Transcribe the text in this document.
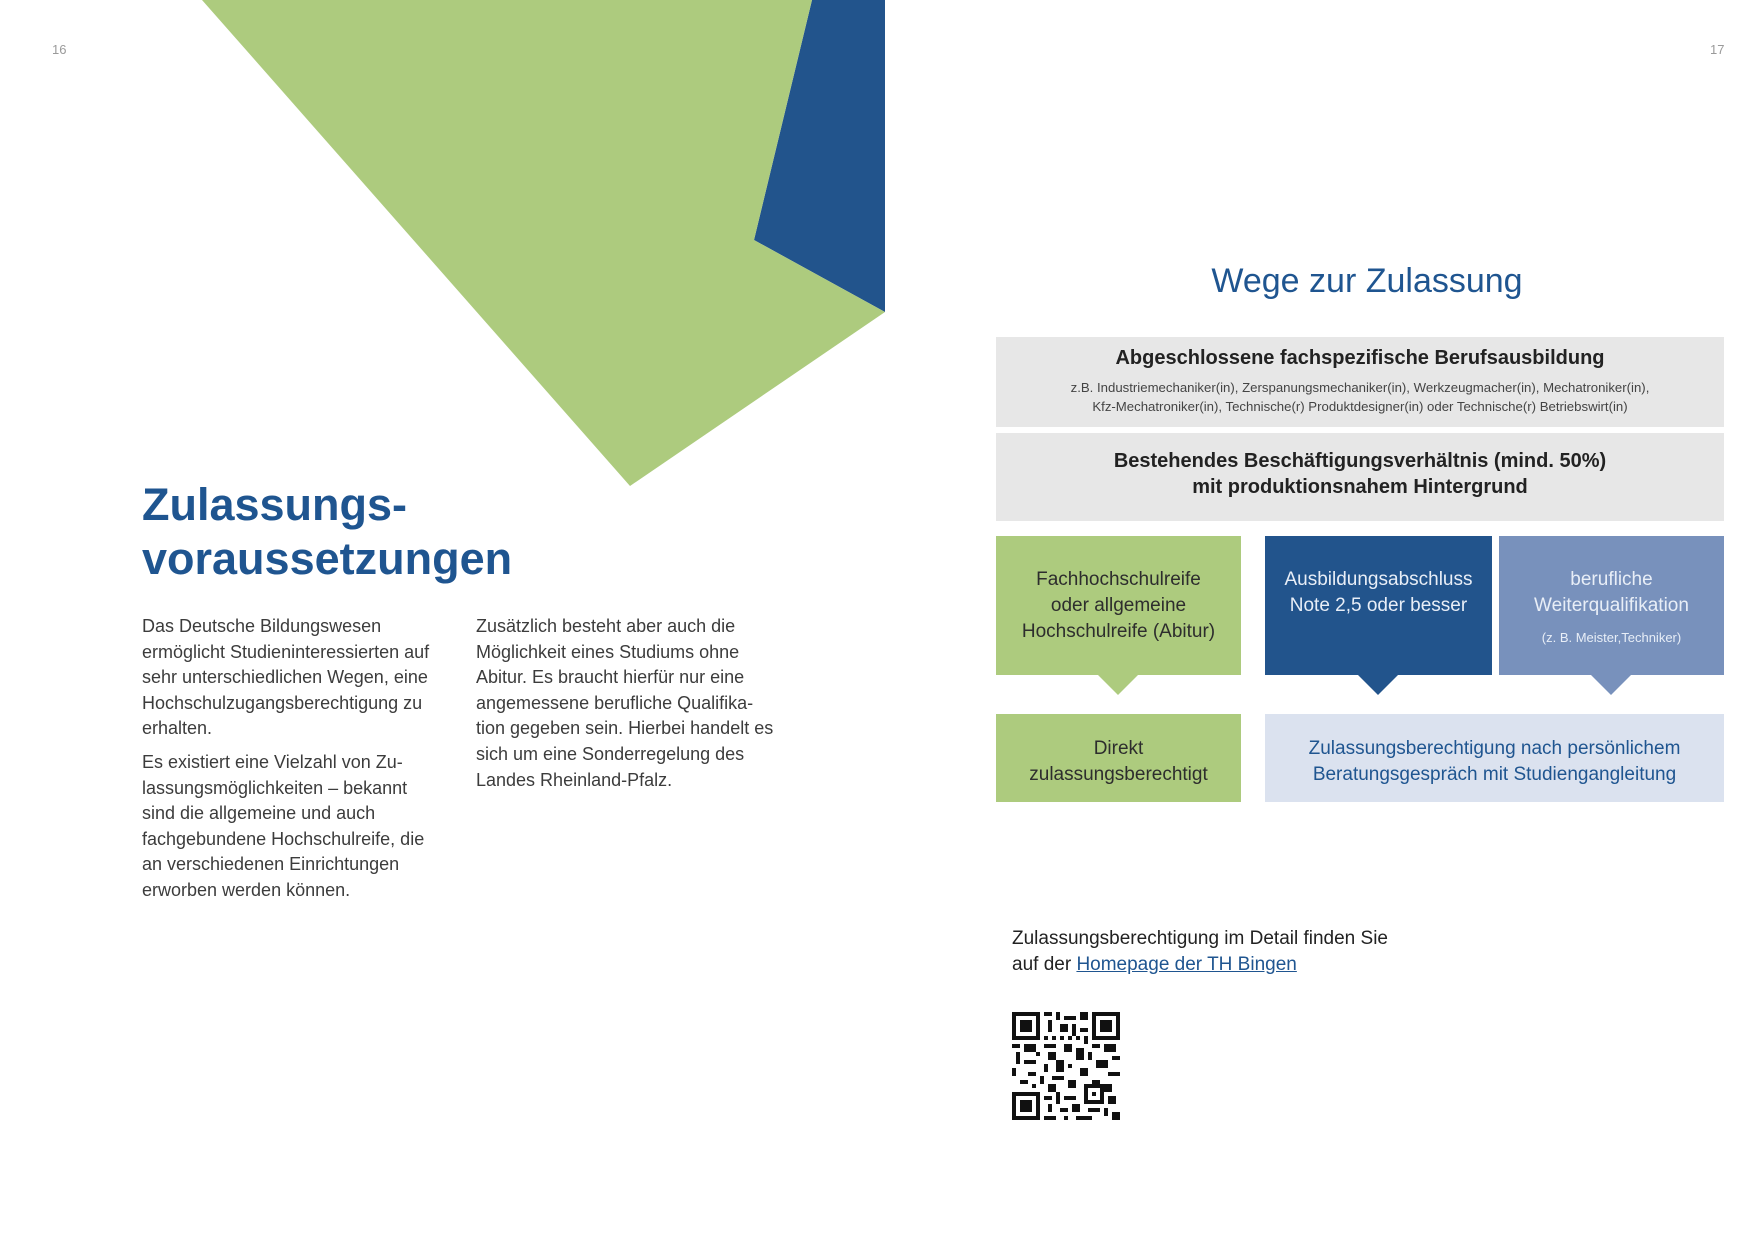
16	17
Zulassungs-
voraussetzungen

Das Deutsche Bildungswesen ermöglicht Studieninteressierten auf sehr unterschiedlichen Wegen, eine Hochschulzugangsberechtigung zu erhalten.

Es existiert eine Vielzahl von Zulassungsmöglichkeiten – bekannt sind die allgemeine und auch fachgebundene Hochschulreife, die an verschiedenen Einrichtungen erworben werden können.

Zusätzlich besteht aber auch die Möglichkeit eines Studiums ohne Abitur. Es braucht hierfür nur eine angemessene berufliche Qualifikation gegeben sein. Hierbei handelt es sich um eine Sonderregelung des Landes Rheinland-Pfalz.

Wege zur Zulassung
Abgeschlossene fachspezifische Berufsausbildung
z.B. Industriemechaniker(in), Zerspanungsmechaniker(in), Werkzeugmacher(in), Mechatroniker(in),
Kfz-Mechatroniker(in), Technische(r) Produktdesigner(in) oder Technische(r) Betriebswirt(in)
Bestehendes Beschäftigungsverhältnis (mind. 50%)
mit produktionsnahem Hintergrund
Fachhochschulreife
oder allgemeine
Hochschulreife (Abitur)
Ausbildungsabschluss
Note 2,5 oder besser
berufliche
Weiterqualifikation
(z. B. Meister,Techniker)
Direkt
zulassungsberechtigt
Zulassungsberechtigung nach persönlichem
Beratungsgespräch mit Studiengangleitung
Zulassungsberechtigung im Detail finden Sie
auf der Homepage der TH Bingen
